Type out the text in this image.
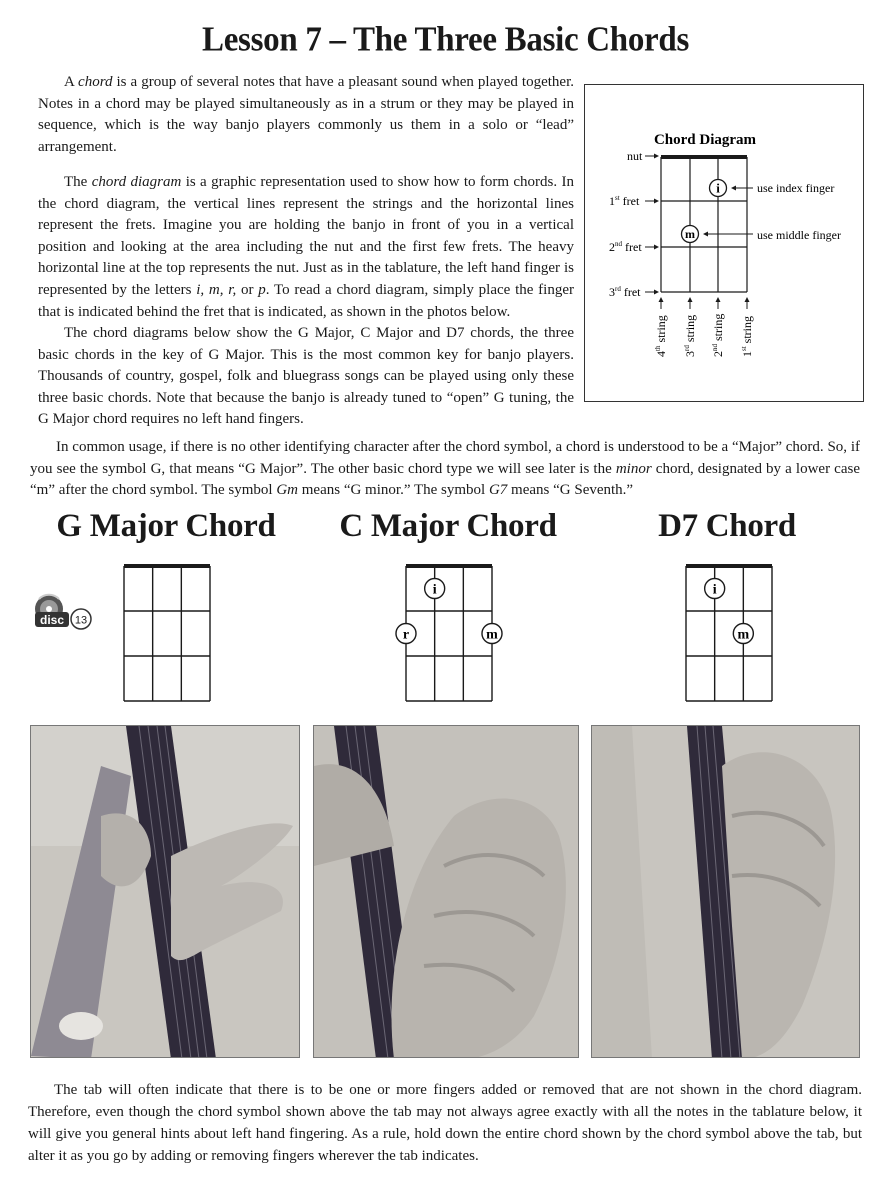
Lesson 7 – The Three Basic Chords

A chord is a group of several notes that have a pleasant sound when played together. Notes in a chord may be played simultaneously as in a strum or they may be played in sequence, which is the way banjo players commonly us them in a solo or “lead” arrangement.

The chord diagram is a graphic representation used to show how to form chords. In the chord diagram, the vertical lines represent the strings and the horizontal lines represent the frets. Imagine you are holding the banjo in front of you in a vertical position and looking at the area including the nut and the first few frets. The heavy horizontal line at the top represents the nut. Just as in the tablature, the left hand finger is represented by the letters i, m, r, or p. To read a chord diagram, simply place the finger that is indicated behind the fret that is indicated, as shown in the photos below.

The chord diagrams below show the G Major, C Major and D7 chords, the three basic chords in the key of G Major. This is the most common key for banjo players. Thousands of country, gospel, folk and bluegrass songs can be played using only these three basic chords. Note that because the banjo is already tuned to “open” G tuning, the G Major chord requires no left hand fingers.

In common usage, if there is no other identifying character after the chord symbol, a chord is understood to be a “Major” chord. So, if you see the symbol G, that means “G Major”. The other basic chord type we will see later is the minor chord, designated by a lower case “m” after the chord symbol. The symbol Gm means “G minor.” The symbol G7 means “G Seventh.”

Chord Diagram
nut
1st fret
2nd fret
3rd fret
i
m
use index finger
use middle finger
4th string
3rd string
2nd string
1st string
G Major Chord	C Major Chord	D7 Chord
i
m
r
i
m
disc 13

The tab will often indicate that there is to be one or more fingers added or removed that are not shown in the chord diagram. Therefore, even though the chord symbol shown above the tab may not always agree exactly with all the notes in the tablature below, it will give you general hints about left hand fingering. As a rule, hold down the entire chord shown by the chord symbol above the tab, but alter it as you go by adding or removing fingers wherever the tab indicates.
